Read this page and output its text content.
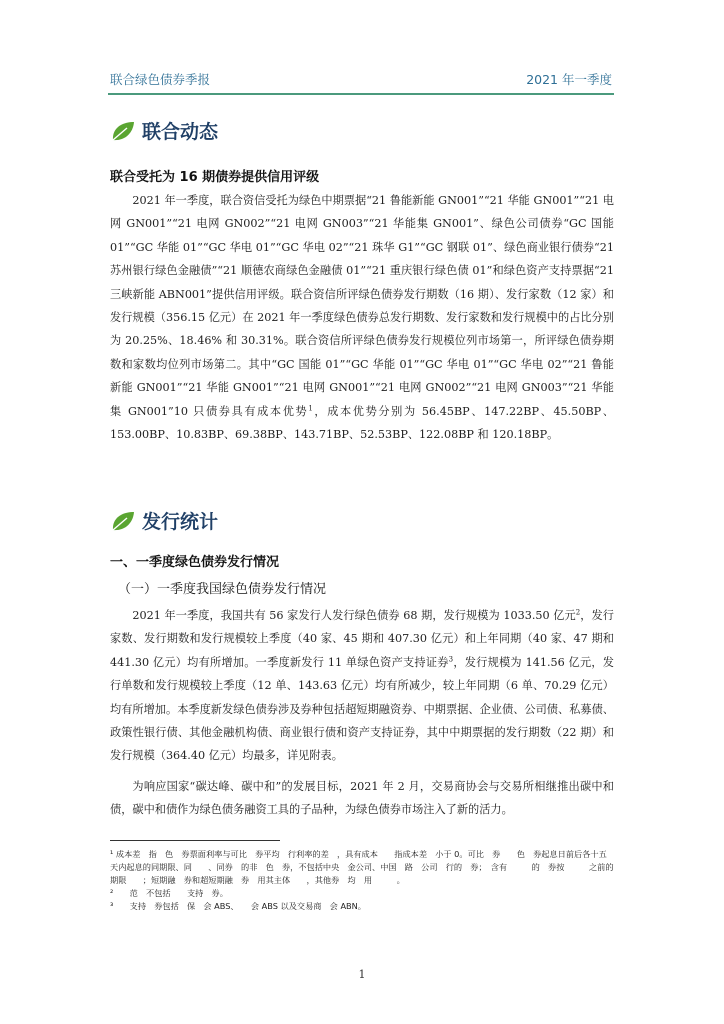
联合绿色债券季报	2021 年一季度
联合动态
联合受托为 16 期债券提供信用评级

2021 年一季度，联合资信受托为绿色中期票据“21 鲁能新能 GN001”“21 华能 GN001”“21 电网 GN001”“21 电网 GN002”“21 电网 GN003”“21 华能集 GN001”、绿色公司债券“GC 国能 01”“GC 华能 01”“GC 华电 01”“GC 华电 02”“21 珠华 G1”“GC 钢联 01”、绿色商业银行债券“21 苏州银行绿色金融债”“21 顺德农商绿色金融债 01”“21 重庆银行绿色债 01”和绿色资产支持票据“21 三峡新能 ABN001”提供信用评级。联合资信所评绿色债券发行期数（16 期）、发行家数（12 家）和发行规模（356.15 亿元）在 2021 年一季度绿色债券总发行期数、发行家数和发行规模中的占比分别为 20.25%、18.46% 和 30.31%。联合资信所评绿色债券发行规模位列市场第一，所评绿色债券期数和家数均位列市场第二。其中“GC 国能 01”“GC 华能 01”“GC 华电 01”“GC 华电 02”“21 鲁能新能 GN001”“21 华能 GN001”“21 电网 GN001”“21 电网 GN002”“21 电网 GN003”“21 华能集 GN001”10 只债券具有成本优势$^1$，成本优势分别为 56.45BP、147.22BP、45.50BP、153.00BP、10.83BP、69.38BP、143.71BP、52.53BP、122.08BP 和 120.18BP。

发行统计
一、一季度绿色债券发行情况
（一）一季度我国绿色债券发行情况

2021 年一季度，我国共有 56 家发行人发行绿色债券 68 期，发行规模为 1033.50 亿元$^2$，发行家数、发行期数和发行规模较上季度（40 家、45 期和 407.30 亿元）和上年同期（40 家、47 期和 441.30 亿元）均有所增加。一季度新发行 11 单绿色资产支持证券$^3$，发行规模为 141.56 亿元，发行单数和发行规模较上季度（12 单、143.63 亿元）均有所减少，较上年同期（6 单、70.29 亿元）均有所增加。本季度新发绿色债券涉及券种包括超短期融资券、中期票据、企业债、公司债、私募债、政策性银行债、其他金融机构债、商业银行债和资产支持证券，其中中期票据的发行期数（22 期）和发行规模（364.40 亿元）均最多，详见附表。

为响应国家“碳达峰、碳中和”的发展目标，2021 年 2 月，交易商协会与交易所相继推出碳中和债，碳中和债作为绿色债务融资工具的子品种，为绿色债券市场注入了新的活力。

¹ 成本差　指　色　券票面利率与可比　券平均　行利率的差　，具有成本　　指成本差　小于 0。可比　券　　色　券起息日前后各十五天内起息的同期限、同　　、同券　的非　色　券，不包括中央　金公司、中国　路　公司　行的　券；　含有　　　的　券按　　　之前的期限　　；短期融　券和超短期融　券　用其主体　　，其他券　均　用　　　。

²　　范　不包括　　支持　券。

³　　支持　券包括　保　会 ABS、　　会 ABS 以及交易商　会 ABN。

1
